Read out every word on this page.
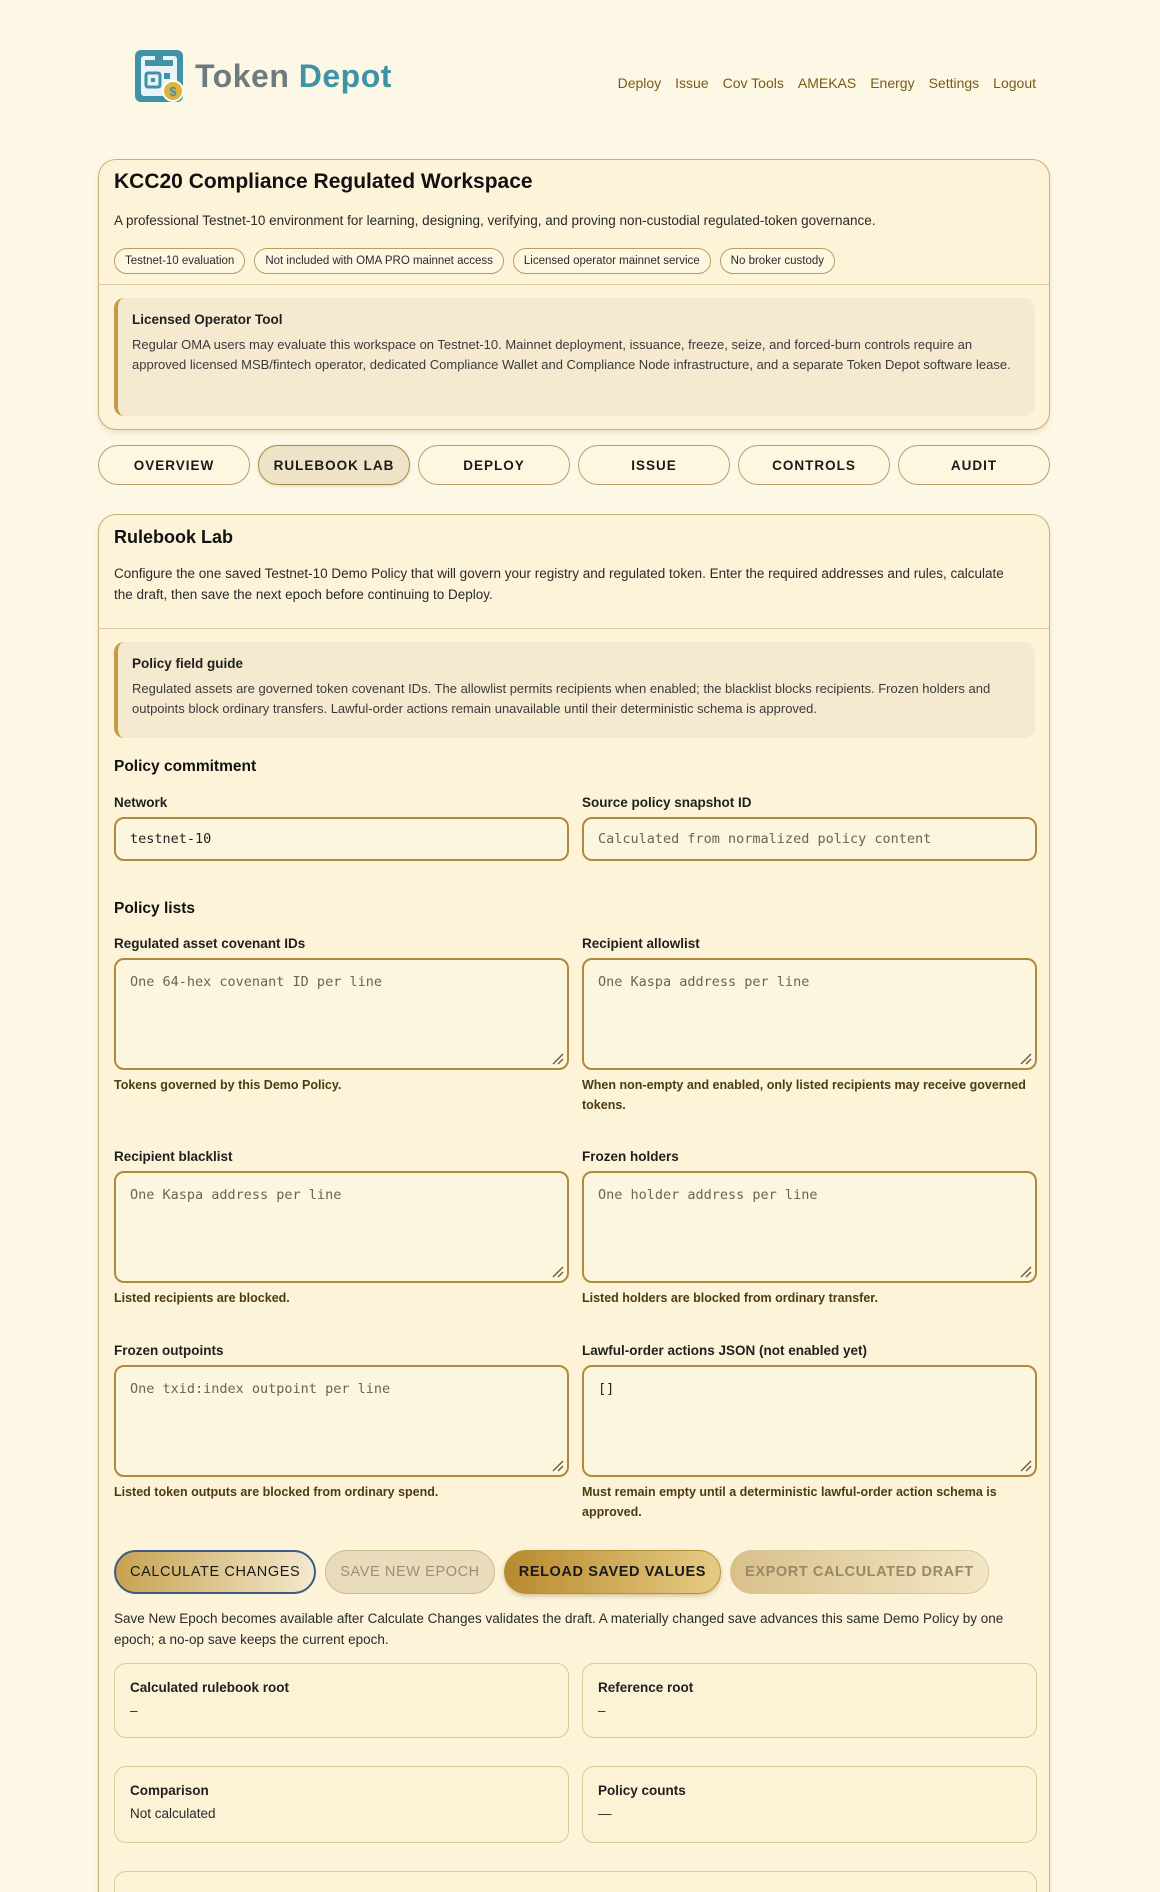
$ Token Depot	Deploy Issue Cov Tools AMEKAS Energy Settings Logout
KCC20 Compliance Regulated Workspace

A professional Testnet-10 environment for learning, designing, verifying, and proving non-custodial regulated-token governance.

Testnet-10 evaluation	Not included with OMA PRO mainnet access	Licensed operator mainnet service	No broker custody
Licensed Operator Tool
Regular OMA users may evaluate this workspace on Testnet-10. Mainnet deployment, issuance, freeze, seize, and forced-burn controls require an approved licensed MSB/fintech operator, dedicated Compliance Wallet and Compliance Node infrastructure, and a separate Token Depot software lease.
OVERVIEW	RULEBOOK LAB	DEPLOY	ISSUE	CONTROLS	AUDIT
Rulebook Lab

Configure the one saved Testnet-10 Demo Policy that will govern your registry and regulated token. Enter the required addresses and rules, calculate the draft, then save the next epoch before continuing to Deploy.

Policy field guide
Regulated assets are governed token covenant IDs. The allowlist permits recipients when enabled; the blacklist blocks recipients. Frozen holders and outpoints block ordinary transfers. Lawful-order actions remain unavailable until their deterministic schema is approved.
Policy commitment
Network
testnet-10
Source policy snapshot ID
Calculated from normalized policy content
Policy lists
Regulated asset covenant IDs
One 64-hex covenant ID per line
Tokens governed by this Demo Policy.
Recipient allowlist
One Kaspa address per line
When non-empty and enabled, only listed recipients may receive governed tokens.
Recipient blacklist
One Kaspa address per line
Listed recipients are blocked.
Frozen holders
One holder address per line
Listed holders are blocked from ordinary transfer.
Frozen outpoints
One txid:index outpoint per line
Listed token outputs are blocked from ordinary spend.
Lawful-order actions JSON (not enabled yet)
[]
Must remain empty until a deterministic lawful-order action schema is approved.
CALCULATE CHANGES	SAVE NEW EPOCH	RELOAD SAVED VALUES	EXPORT CALCULATED DRAFT

Save New Epoch becomes available after Calculate Changes validates the draft. A materially changed save advances this same Demo Policy by one epoch; a no-op save keeps the current epoch.

Calculated rulebook root
–
Reference root
–
Comparison
Not calculated
Policy counts
—
